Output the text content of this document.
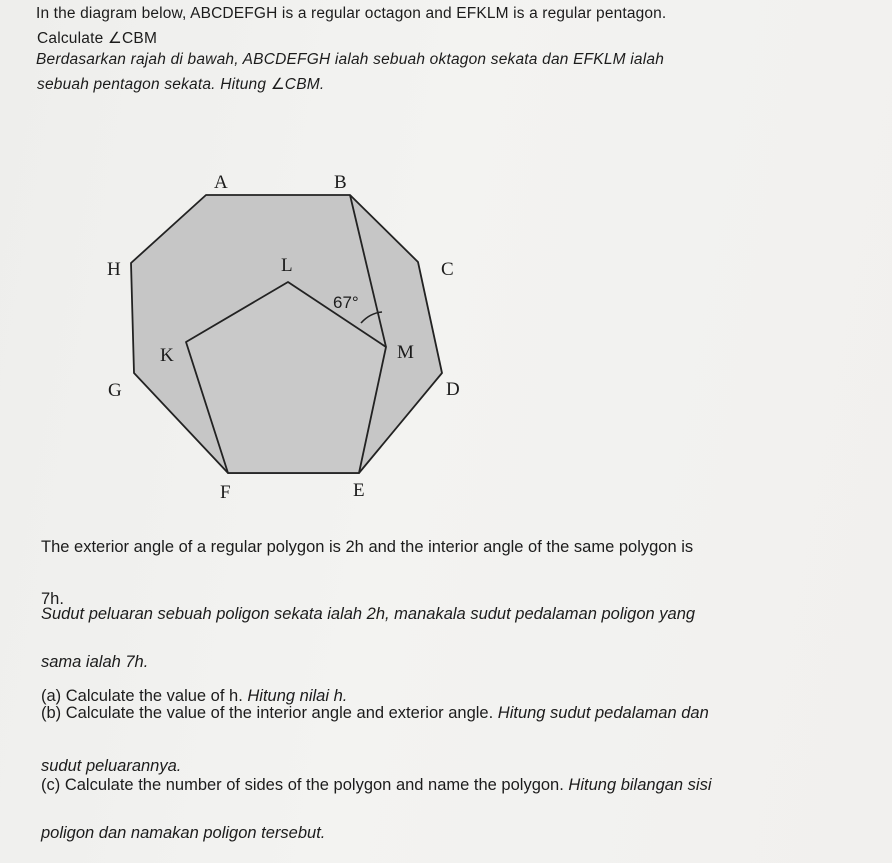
In the diagram below, ABCDEFGH is a regular octagon and EFKLM is a regular pentagon.
Calculate ∠CBM
Berdasarkan rajah di bawah, ABCDEFGH ialah sebuah oktagon sekata dan EFKLM ialah
sebuah pentagon sekata. Hitung ∠CBM.
A	B
C
D
E
F
G
H
K
L
M
67°
The exterior angle of a regular polygon is 2h and the interior angle of the same polygon is
7h.
Sudut peluaran sebuah poligon sekata ialah 2h, manakala sudut pedalaman poligon yang
sama ialah 7h.
(a) Calculate the value of h. Hitung nilai h.
(b) Calculate the value of the interior angle and exterior angle. Hitung sudut pedalaman dan
sudut peluarannya.
(c) Calculate the number of sides of the polygon and name the polygon. Hitung bilangan sisi
poligon dan namakan poligon tersebut.
